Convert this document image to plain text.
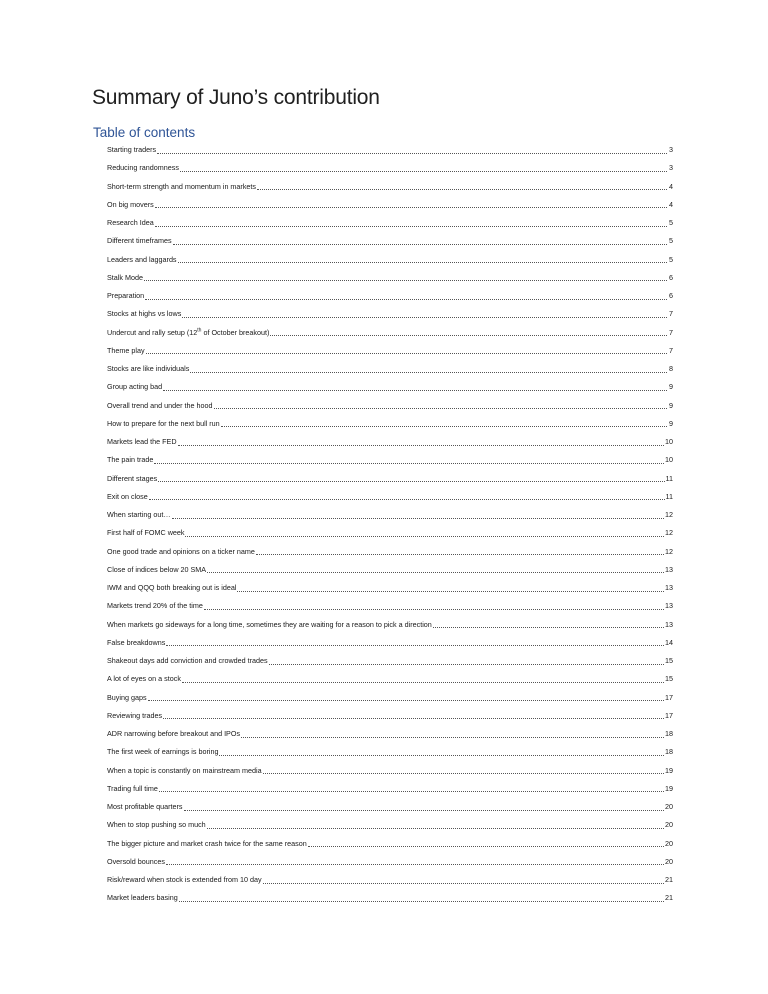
Summary of Juno’s contribution
Table of contents
Starting traders	3
Reducing randomness	3
Short-term strength and momentum in markets	4
On big movers	4
Research Idea	5
Different timeframes	5
Leaders and laggards	5
Stalk Mode	6
Preparation	6
Stocks at highs vs lows	7
Undercut and rally setup (12th of October breakout)	7
Theme play	7
Stocks are like individuals	8
Group acting bad	9
Overall trend and under the hood	9
How to prepare for the next bull run	9
Markets lead the FED	10
The pain trade	10
Different stages	11
Exit on close	11
When starting out…	12
First half of FOMC week	12
One good trade and opinions on a ticker name	12
Close of indices below 20 SMA	13
IWM and QQQ both breaking out is ideal	13
Markets trend 20% of the time	13
When markets go sideways for a long time, sometimes they are waiting for a reason to pick a direction	13
False breakdowns	14
Shakeout days add conviction and crowded trades	15
A lot of eyes on a stock	15
Buying gaps	17
Reviewing trades	17
ADR narrowing before breakout and IPOs	18
The first week of earnings is boring	18
When a topic is constantly on mainstream media	19
Trading full time	19
Most profitable quarters	20
When to stop pushing so much	20
The bigger picture and market crash twice for the same reason	20
Oversold bounces	20
Risk/reward when stock is extended from 10 day	21
Market leaders basing	21
